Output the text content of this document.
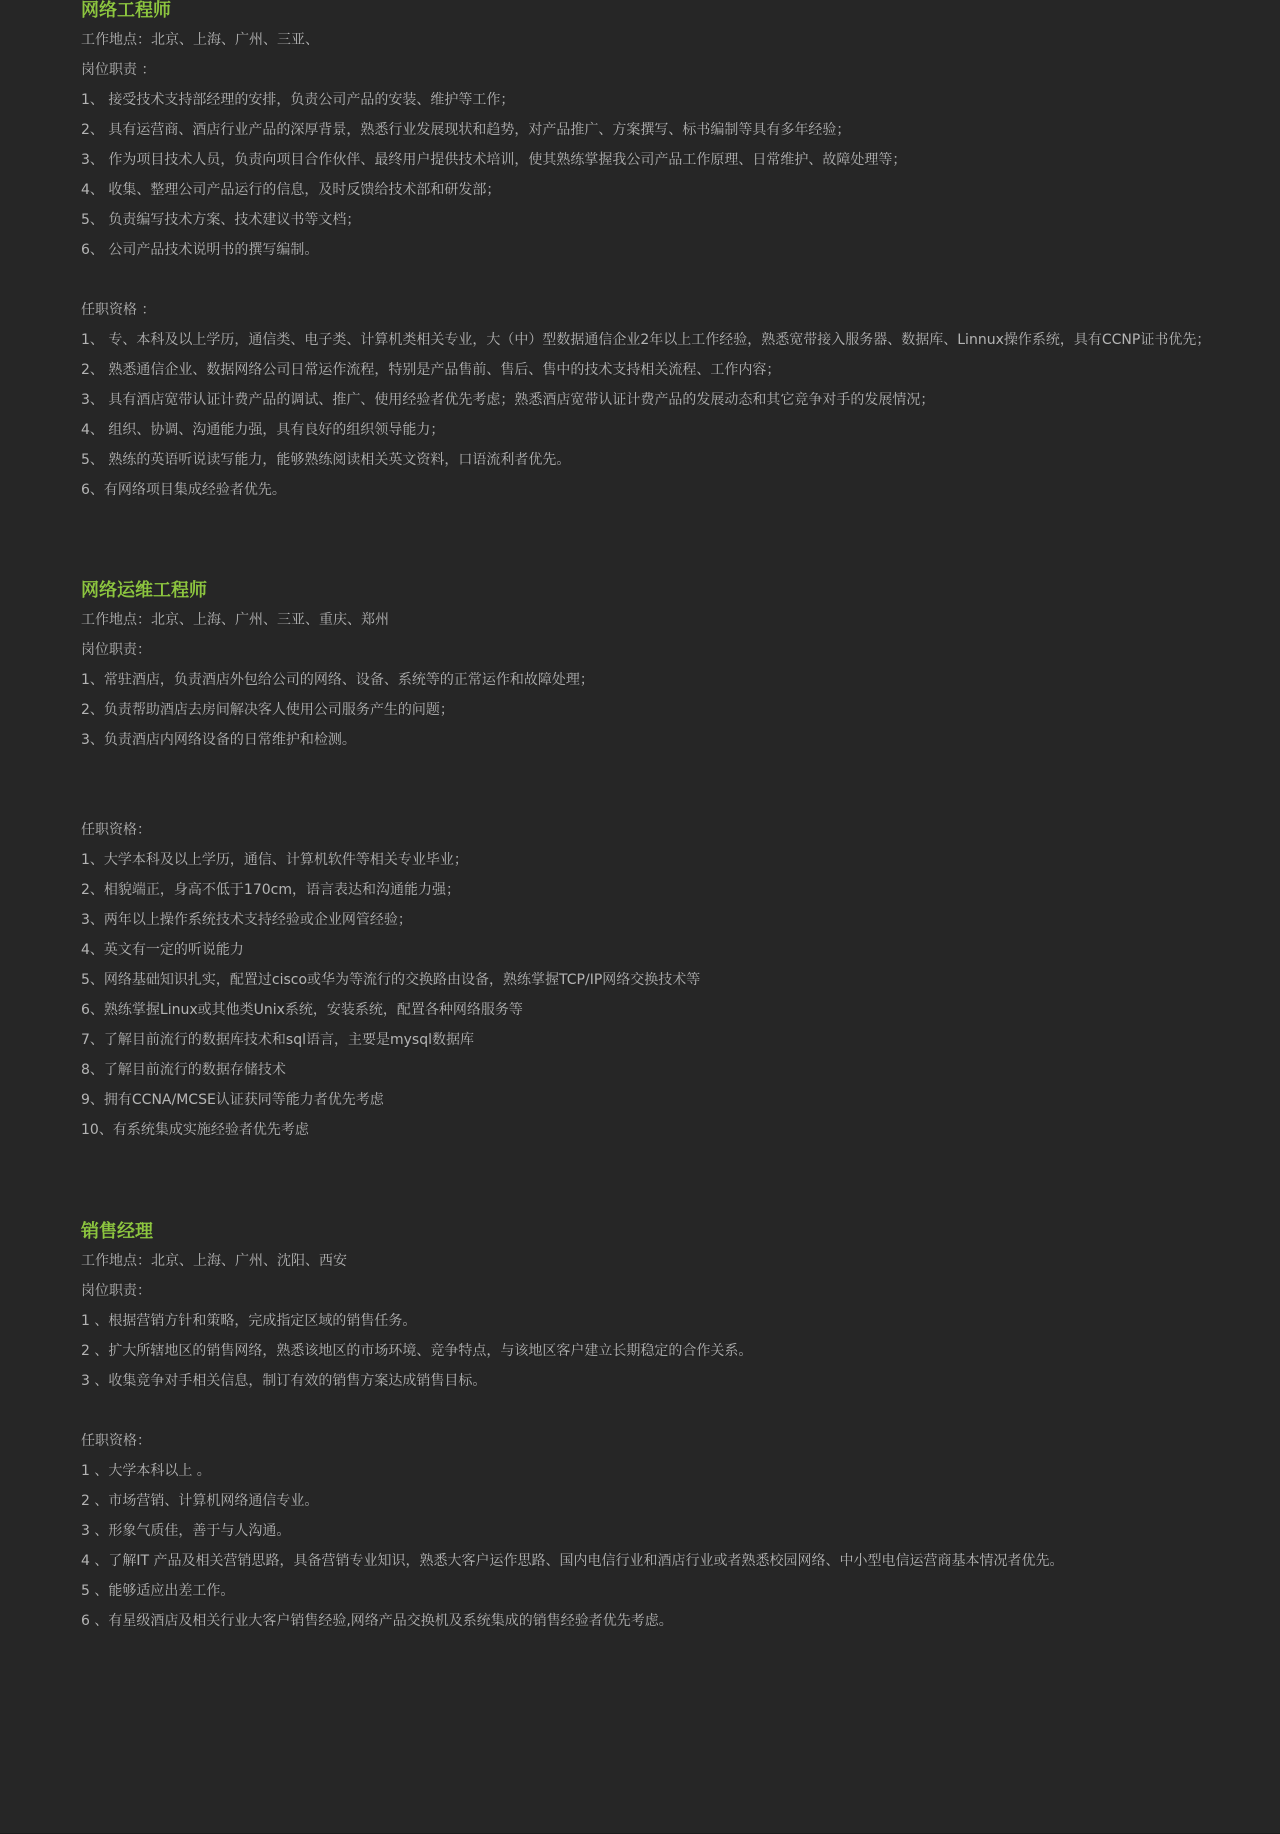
网络工程师
工作地点：北京、上海、广州、三亚、
岗位职责 ：
1、 接受技术支持部经理的安排，负责公司产品的安装、维护等工作；
2、 具有运营商、酒店行业产品的深厚背景，熟悉行业发展现状和趋势，对产品推广、方案撰写、标书编制等具有多年经验；
3、 作为项目技术人员，负责向项目合作伙伴、最终用户提供技术培训，使其熟练掌握我公司产品工作原理、日常维护、故障处理等；
4、 收集、整理公司产品运行的信息，及时反馈给技术部和研发部；
5、 负责编写技术方案、技术建议书等文档；
6、 公司产品技术说明书的撰写编制。
任职资格 ：
1、 专、本科及以上学历，通信类、电子类、计算机类相关专业，大（中）型数据通信企业2年以上工作经验，熟悉宽带接入服务器、数据库、Linnux操作系统，具有CCNP证书优先；
2、 熟悉通信企业、数据网络公司日常运作流程，特别是产品售前、售后、售中的技术支持相关流程、工作内容；
3、 具有酒店宽带认证计费产品的调试、推广、使用经验者优先考虑；熟悉酒店宽带认证计费产品的发展动态和其它竞争对手的发展情况；
4、 组织、协调、沟通能力强，具有良好的组织领导能力；
5、 熟练的英语听说读写能力，能够熟练阅读相关英文资料，口语流利者优先。
6、有网络项目集成经验者优先。
网络运维工程师
工作地点：北京、上海、广州、三亚、重庆、郑州
岗位职责：
1、常驻酒店，负责酒店外包给公司的网络、设备、系统等的正常运作和故障处理；
2、负责帮助酒店去房间解决客人使用公司服务产生的问题；
3、负责酒店内网络设备的日常维护和检测。
任职资格：
1、大学本科及以上学历，通信、计算机软件等相关专业毕业；
2、相貌端正，身高不低于170cm，语言表达和沟通能力强；
3、两年以上操作系统技术支持经验或企业网管经验；
4、英文有一定的听说能力
5、网络基础知识扎实，配置过cisco或华为等流行的交换路由设备，熟练掌握TCP/IP网络交换技术等
6、熟练掌握Linux或其他类Unix系统，安装系统，配置各种网络服务等
7、了解目前流行的数据库技术和sql语言，主要是mysql数据库
8、了解目前流行的数据存储技术
9、拥有CCNA/MCSE认证获同等能力者优先考虑
10、有系统集成实施经验者优先考虑
销售经理
工作地点：北京、上海、广州、沈阳、西安
岗位职责：
1 、根据营销方针和策略，完成指定区域的销售任务。
2 、扩大所辖地区的销售网络，熟悉该地区的市场环境、竞争特点，与该地区客户建立长期稳定的合作关系。
3 、收集竞争对手相关信息，制订有效的销售方案达成销售目标。
任职资格：
1 、大学本科以上 。
2 、市场营销、计算机网络通信专业。
3 、形象气质佳，善于与人沟通。
4 、了解IT 产品及相关营销思路，具备营销专业知识，熟悉大客户运作思路、国内电信行业和酒店行业或者熟悉校园网络、中小型电信运营商基本情况者优先。
5 、能够适应出差工作。
6 、有星级酒店及相关行业大客户销售经验,网络产品交换机及系统集成的销售经验者优先考虑。
